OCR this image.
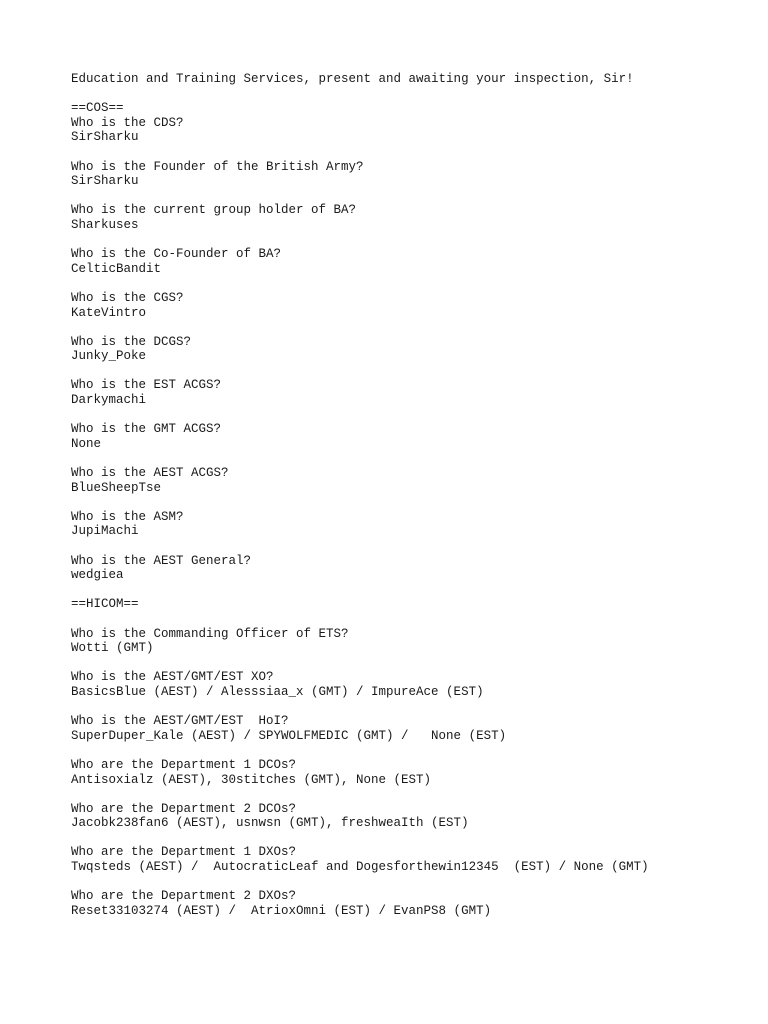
Education and Training Services, present and awaiting your inspection, Sir!
==COS==
Who is the CDS?
SirSharku
Who is the Founder of the British Army?
SirSharku
Who is the current group holder of BA?
Sharkuses
Who is the Co-Founder of BA?
CelticBandit
Who is the CGS?
KateVintro
Who is the DCGS?
Junky_Poke
Who is the EST ACGS?
Darkymachi
Who is the GMT ACGS?
None
Who is the AEST ACGS?
BlueSheepTse
Who is the ASM?
JupiMachi
Who is the AEST General?
wedgiea
==HICOM==
Who is the Commanding Officer of ETS?
Wotti (GMT)
Who is the AEST/GMT/EST XO?
BasicsBlue (AEST) / Alesssiaa_x (GMT) / ImpureAce (EST)
Who is the AEST/GMT/EST  HoI?
SuperDuper_Kale (AEST) / SPYWOLFMEDIC (GMT) /   None (EST)
Who are the Department 1 DCOs?
Antisoxialz (AEST), 30stitches (GMT), None (EST)
Who are the Department 2 DCOs?
Jacobk238fan6 (AEST), usnwsn (GMT), freshweaIth (EST)
Who are the Department 1 DXOs?
Twqsteds (AEST) /  AutocraticLeaf and Dogesforthewin12345  (EST) / None (GMT)
Who are the Department 2 DXOs?
Reset33103274 (AEST) /  AtrioxOmni (EST) / EvanPS8 (GMT)
